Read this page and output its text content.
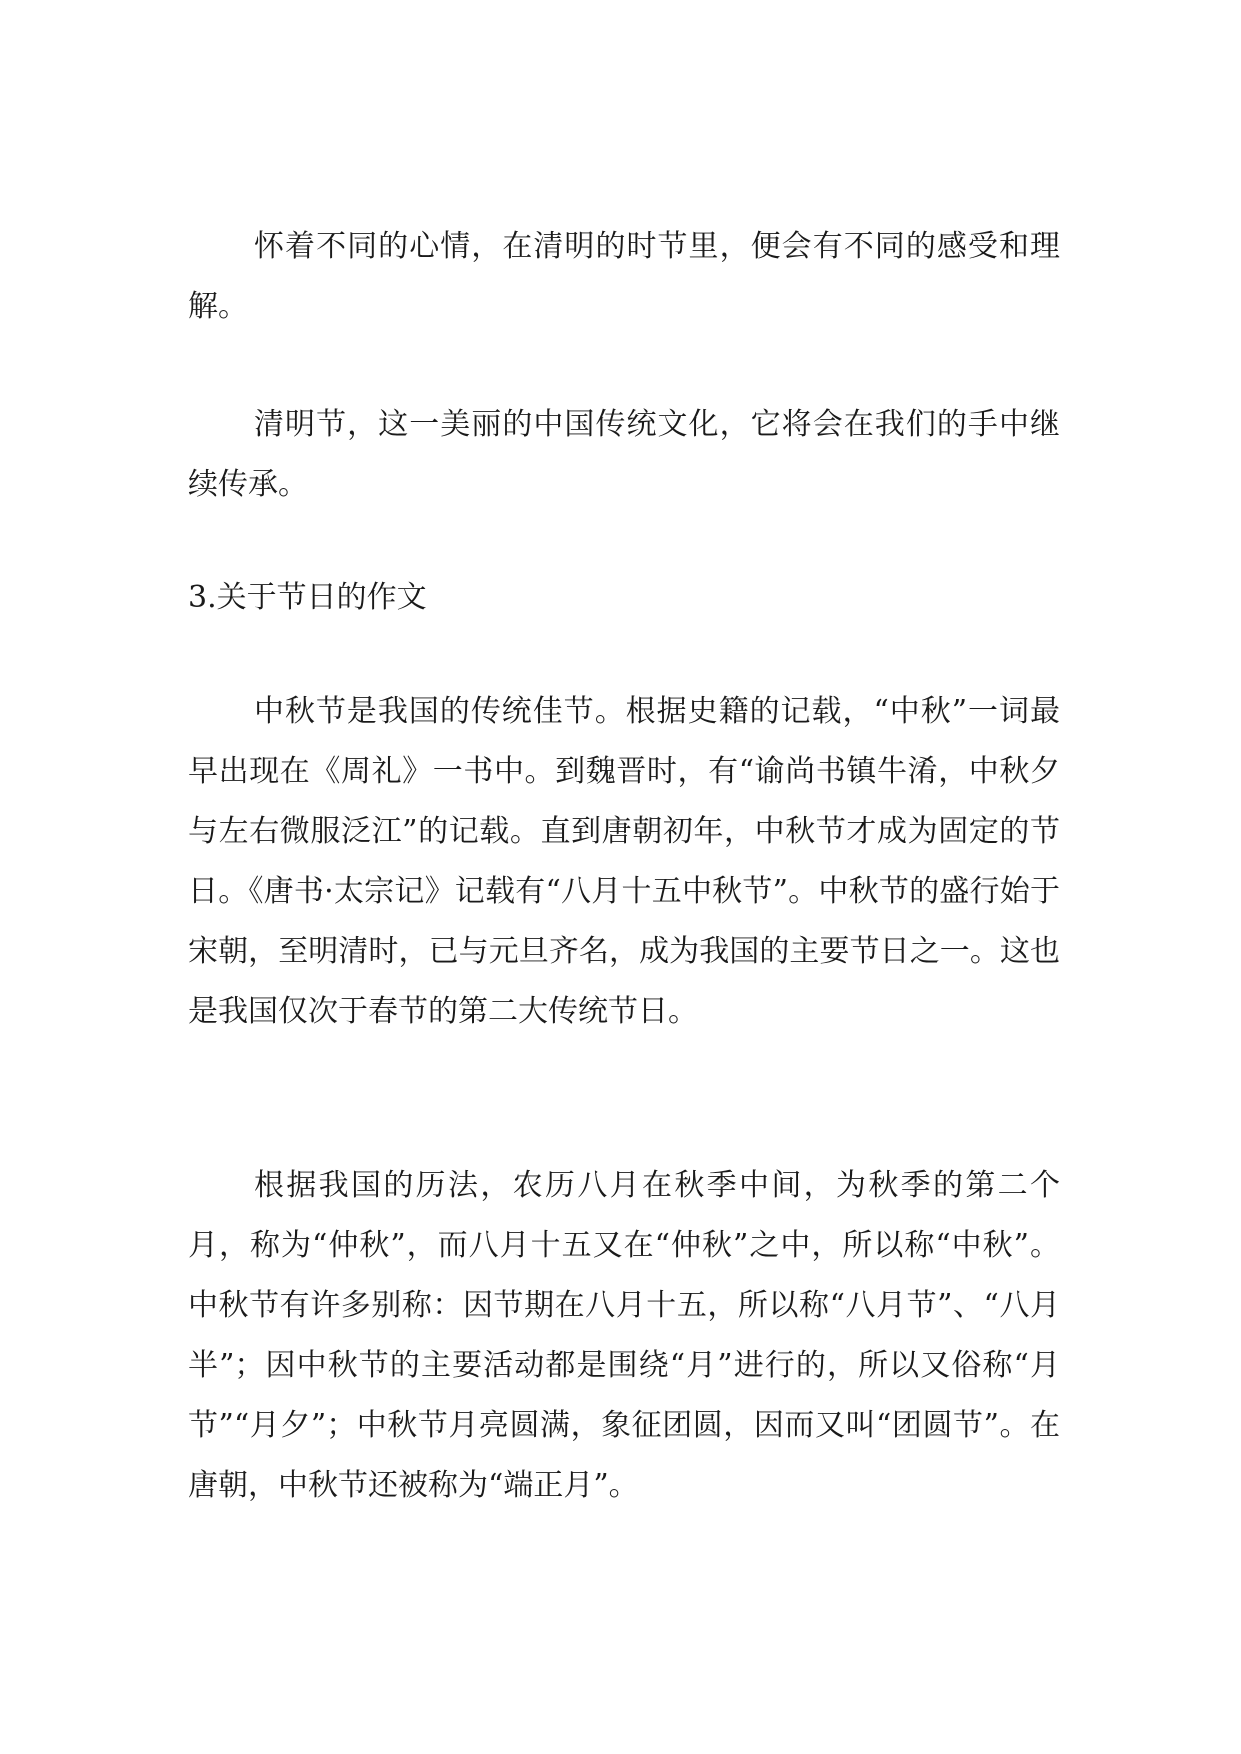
怀着不同的心情，在清明的时节里，便会有不同的感受和理解。

清明节，这一美丽的中国传统文化，它将会在我们的手中继续传承。

3.关于节日的作文

中秋节是我国的传统佳节。根据史籍的记载，“中秋”一词最早出现在《周礼》一书中。到魏晋时，有“谕尚书镇牛淆，中秋夕与左右微服泛江”的记载。直到唐朝初年，中秋节才成为固定的节日。《唐书·太宗记》记载有“八月十五中秋节”。中秋节的盛行始于宋朝，至明清时，已与元旦齐名，成为我国的主要节日之一。这也是我国仅次于春节的第二大传统节日。

根据我国的历法，农历八月在秋季中间，为秋季的第二个月，称为“仲秋”，而八月十五又在“仲秋”之中，所以称“中秋”。中秋节有许多别称：因节期在八月十五，所以称“八月节”、“八月半”；因中秋节的主要活动都是围绕“月”进行的，所以又俗称“月节”“月夕”；中秋节月亮圆满，象征团圆，因而又叫“团圆节”。在唐朝，中秋节还被称为“端正月”。
